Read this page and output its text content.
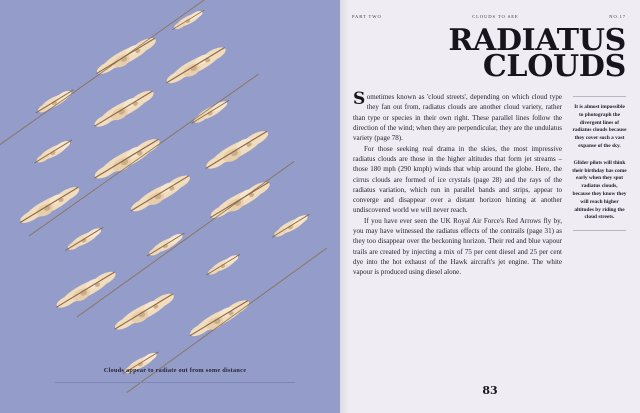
Clouds appear to radiate out from some distance
PART TWO	CLOUDS TO SEE	NO.17
RADIATUS
CLOUDS

Sometimes known as 'cloud streets', depending on which cloud type they fan out from, radiatus clouds are another cloud variety, rather than type or species in their own right. These parallel lines follow the direction of the wind; when they are perpendicular, they are the undulatus variety (page 78).

For those seeking real drama in the skies, the most impressive radiatus clouds are those in the higher altitudes that form jet streams – those 180 mph (290 kmph) winds that whip around the globe. Here, the cirrus clouds are formed of ice crystals (page 28) and the rays of the radiatus variation, which run in parallel bands and strips, appear to converge and disappear over a distant horizon hinting at another undiscovered world we will never reach.

If you have ever seen the UK Royal Air Force's Red Arrows fly by, you may have witnessed the radiatus effects of the contrails (page 31) as they too disappear over the beckoning horizon. Their red and blue vapour trails are created by injecting a mix of 75 per cent diesel and 25 per cent dye into the hot exhaust of the Hawk aircraft's jet engine. The white vapour is produced using diesel alone.

It is almost impossible to photograph the divergent lines of radiatus clouds because they cover such a vast expanse of the sky.
Glider pilots will think their birthday has come early when they spot radiatus clouds, because they know they will reach higher altitudes by riding the cloud streets.
83
